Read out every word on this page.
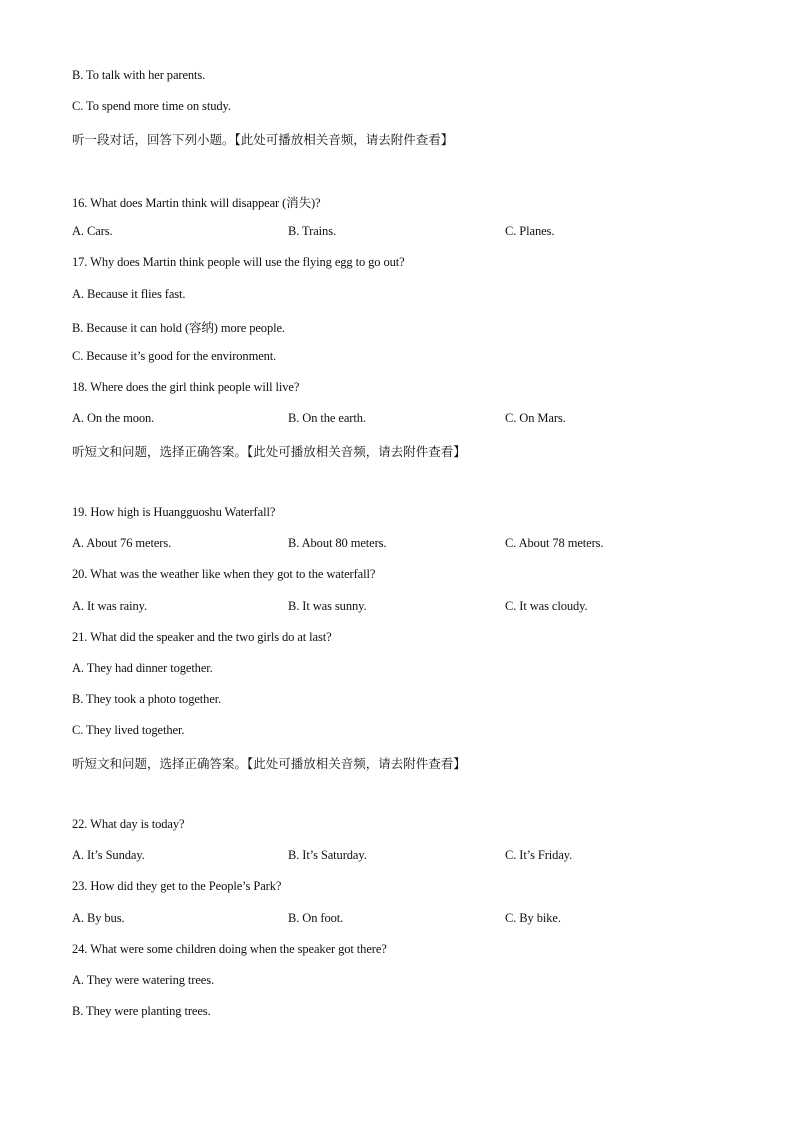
B. To talk with her parents.
C. To spend more time on study.
听一段对话，回答下列小题。【此处可播放相关音频，请去附件查看】
16. What does Martin think will disappear (消失)?
A. Cars.	B. Trains.	C. Planes.
17. Why does Martin think people will use the flying egg to go out?
A. Because it flies fast.
B. Because it can hold (容纳) more people.
C. Because it’s good for the environment.
18. Where does the girl think people will live?
A. On the moon.	B. On the earth.	C. On Mars.
听短文和问题，选择正确答案。【此处可播放相关音频，请去附件查看】
19. How high is Huangguoshu Waterfall?
A. About 76 meters.	B. About 80 meters.	C. About 78 meters.
20. What was the weather like when they got to the waterfall?
A. It was rainy.	B. It was sunny.	C. It was cloudy.
21. What did the speaker and the two girls do at last?
A. They had dinner together.
B. They took a photo together.
C. They lived together.
听短文和问题，选择正确答案。【此处可播放相关音频，请去附件查看】
22. What day is today?
A. It’s Sunday.	B. It’s Saturday.	C. It’s Friday.
23. How did they get to the People’s Park?
A. By bus.	B. On foot.	C. By bike.
24. What were some children doing when the speaker got there?
A. They were watering trees.
B. They were planting trees.
